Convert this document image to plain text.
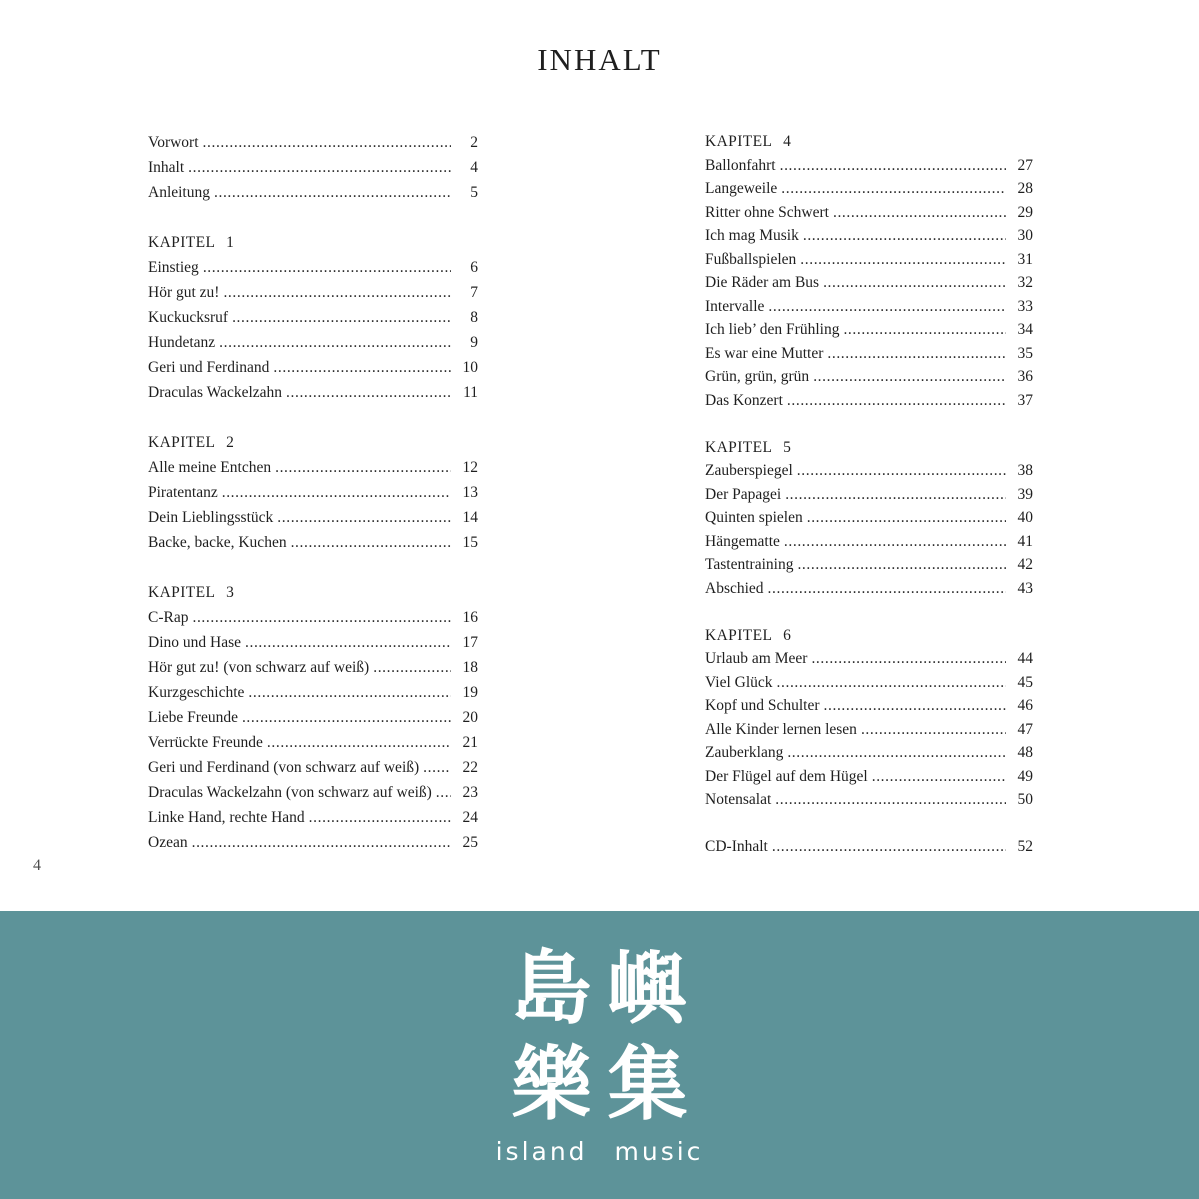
INHALT
Vorwort .....	2
Inhalt .....	4
Anleitung .....	5
KAPITEL 1
Einstieg .....	6
Hör gut zu! .....	7
Kuckucksruf .....	8
Hundetanz .....	9
Geri und Ferdinand .....	10
Draculas Wackelzahn .....	11
KAPITEL 2
Alle meine Entchen .....	12
Piratentanz .....	13
Dein Lieblingsstück .....	14
Backe, backe, Kuchen .....	15
KAPITEL 3
C-Rap .....	16
Dino und Hase .....	17
Hör gut zu! (von schwarz auf weiß) .....	18
Kurzgeschichte .....	19
Liebe Freunde .....	20
Verrückte Freunde .....	21
Geri und Ferdinand (von schwarz auf weiß) .....	22
Draculas Wackelzahn (von schwarz auf weiß) .....	23
Linke Hand, rechte Hand .....	24
Ozean .....	25
KAPITEL 4
Ballonfahrt .....	27
Langeweile .....	28
Ritter ohne Schwert .....	29
Ich mag Musik .....	30
Fußballspielen .....	31
Die Räder am Bus .....	32
Intervalle .....	33
Ich lieb’ den Frühling .....	34
Es war eine Mutter .....	35
Grün, grün, grün .....	36
Das Konzert .....	37
KAPITEL 5
Zauberspiegel .....	38
Der Papagei .....	39
Quinten spielen .....	40
Hängematte .....	41
Tastentraining .....	42
Abschied .....	43
KAPITEL 6
Urlaub am Meer .....	44
Viel Glück .....	45
Kopf und Schulter .....	46
Alle Kinder lernen lesen .....	47
Zauberklang .....	48
Der Flügel auf dem Hügel .....	49
Notensalat .....	50
CD-Inhalt .....	52
4
島 嶼
樂 集
island music
